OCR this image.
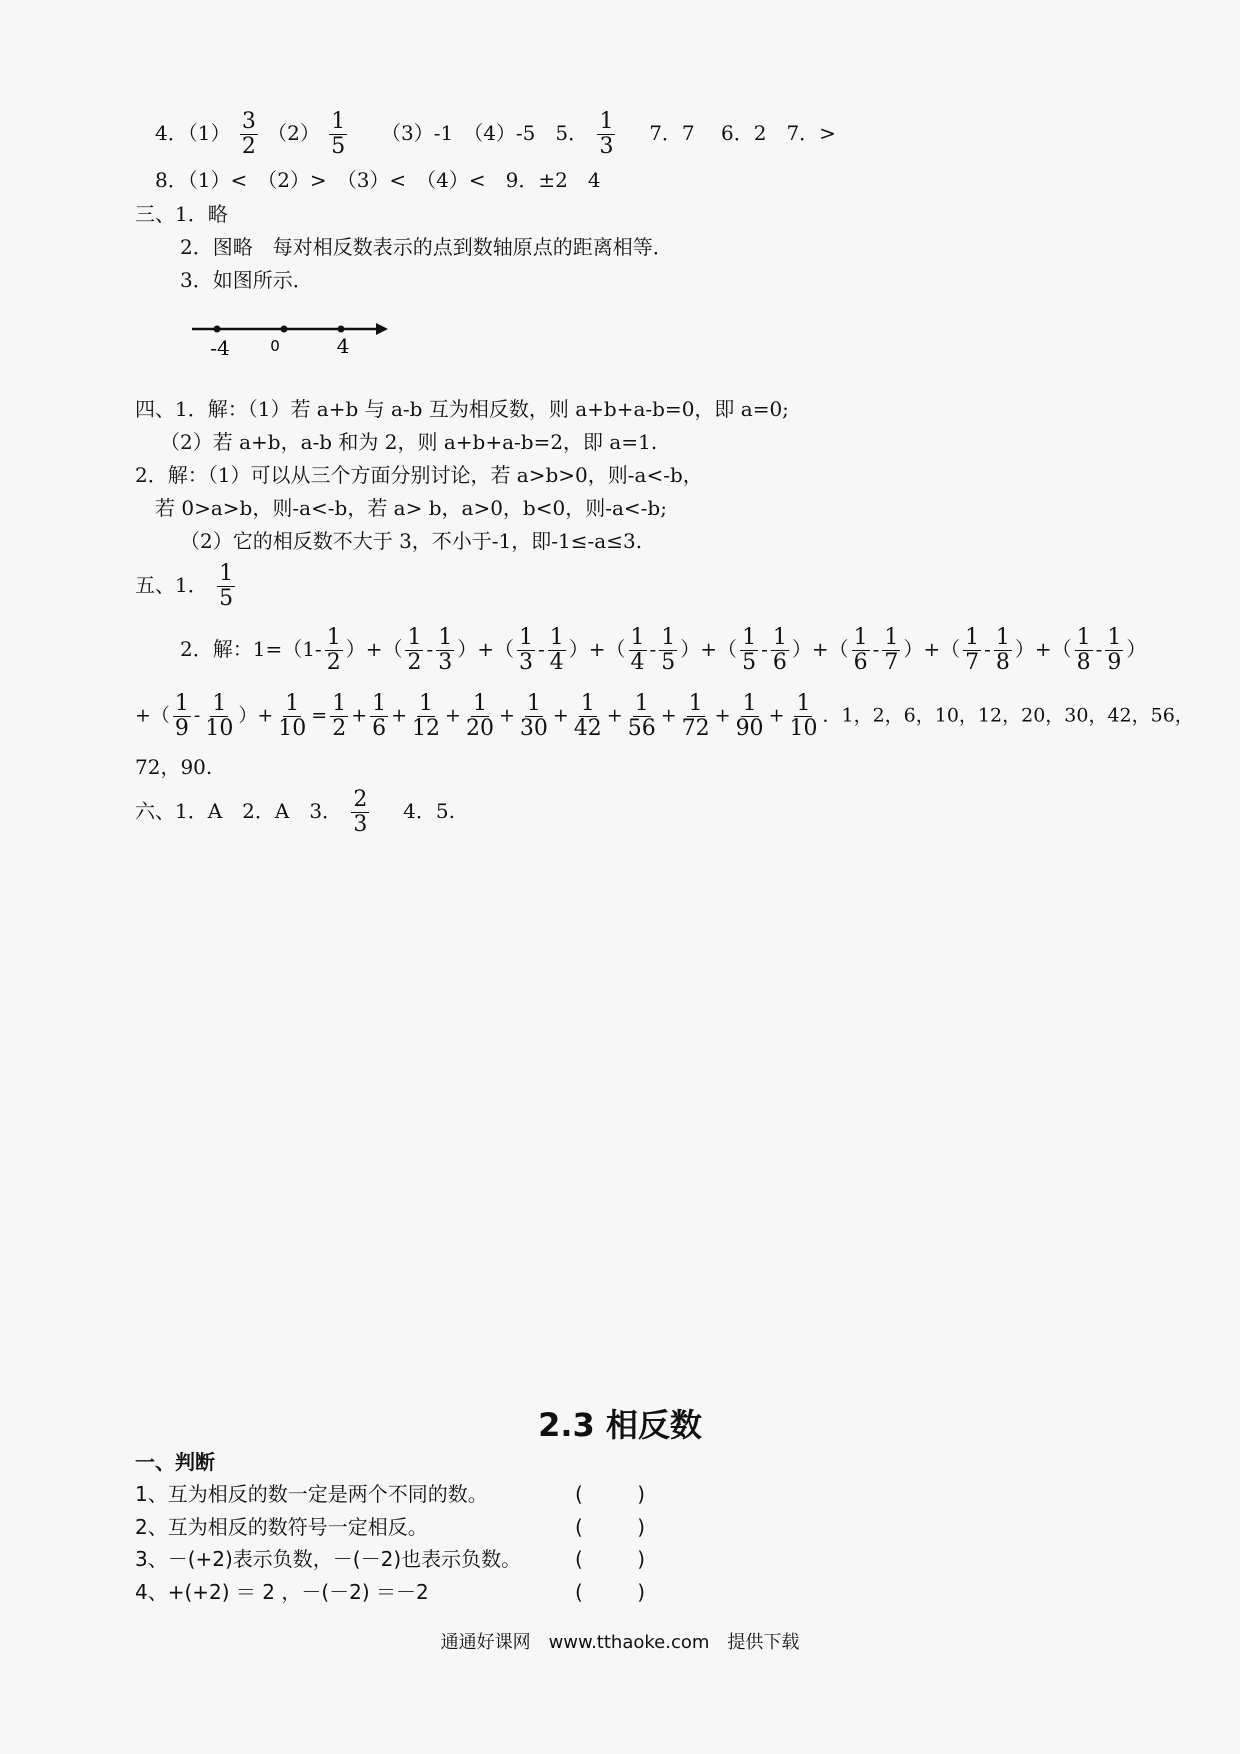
4．$(1) \frac{3}{2} (2) \frac{1}{5} (3)-1$　（4）-5　5． $\frac{1}{3} 7$．7　 6．2　7．>
8．（1）<　（2）>　（3）<　（4）<　9．±2　4
三、1．略
2．图略　每对相反数表示的点到数轴原点的距离相等．
3．如图所示．
-4	0	4
四、1．解：（1）若 a+b 与 a-b 互为相反数，则 a+b+a-b=0，即 a=0;
（2）若 a+b，a-b 和为 2，则 a+b+a-b=2，即 a=1.
2．解：（1）可以从三个方面分别讨论，若 a>b>0，则-a<-b，
若 0>a>b，则-a<-b，若 a> b，a>0，b<0，则-a<-b;
（2）它的相反数不大于 3，不小于-1，即-1≤-a≤3.
五、1． $\frac{1}{5}$
2．解：$1=(1- \frac{1}{2}$ ）+（ $\frac{1}{2} - \frac{1}{3}$ ）+（ $\frac{1}{3} - \frac{1}{4}$ ）+（ $\frac{1}{4} - \frac{1}{5}$ ）+（ $\frac{1}{5} - \frac{1}{6}$ ）+（ $\frac{1}{6} - \frac{1}{7}$ ）+（ $\frac{1}{7} - \frac{1}{8}$ ）+（ $\frac{1}{8} - \frac{1}{9}$ ）
+（ $\frac{1}{9} - \frac{1}{10}$ ）+ $\frac{1}{10} = \frac{1}{2} + \frac{1}{6} + \frac{1}{12} + \frac{1}{20} + \frac{1}{30} + \frac{1}{42} + \frac{1}{56} + \frac{1}{72} + \frac{1}{90} + \frac{1}{10}$ ．1，2，6，10，12，20，30，42，56，
72，90.
六、1．A　2．A　3． $\frac{2}{3} 4$．5.
2.3 相反数
一、判断
1、互为相反的数一定是两个不同的数。	(	)
2、互为相反的数符号一定相反。	(	)
3、－(+2)表示负数，－(－2)也表示负数。	(	)
4、+(+2) ＝ 2 ，－(－2) ＝－2	(	)
通通好课网　www.tthaoke.com　提供下载
